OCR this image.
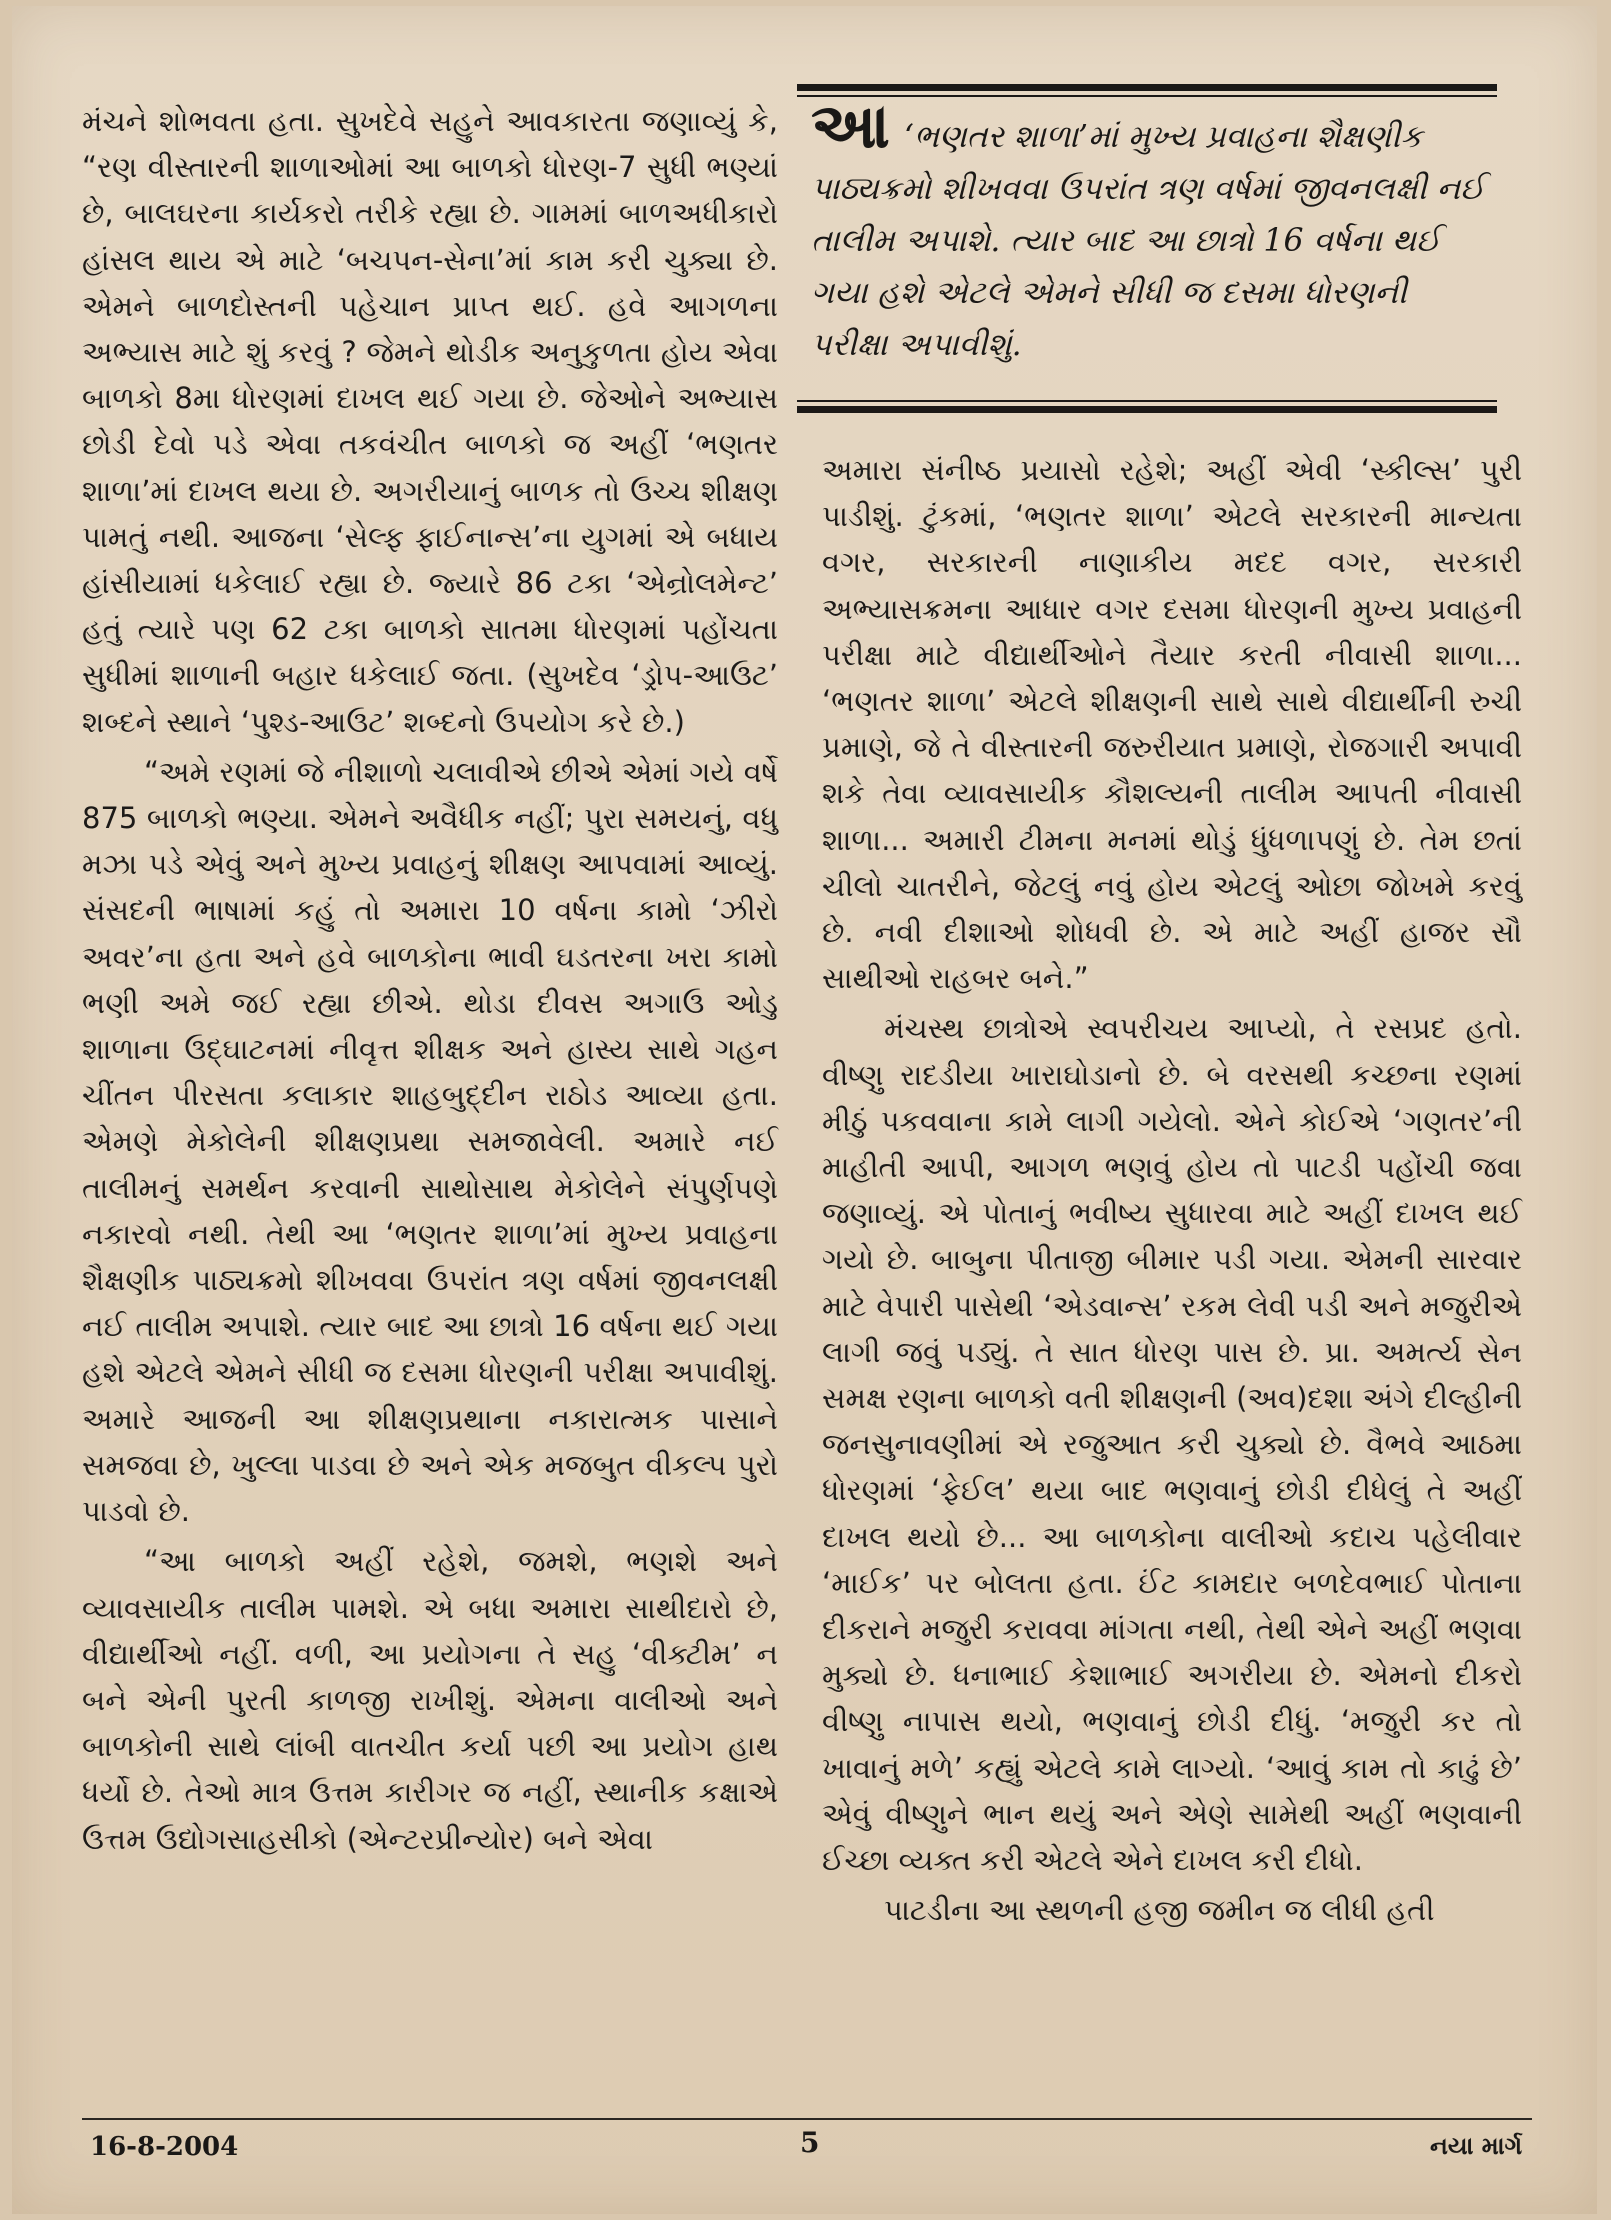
મંચને શોભવતા હતા. સુખદેવે સહુને આવકારતા જણાવ્યું કે, “રણ વીસ્તારની શાળાઓમાં આ બાળકો ધોરણ-7 સુધી ભણ્યાં છે, બાલઘરના કાર્યકરો તરીકે રહ્યા છે. ગામમાં બાળઅધીકારો હાંસલ થાય એ માટે ‘બચપન-સેના’માં કામ કરી ચુક્યા છે. એમને બાળદોસ્તની પહેચાન પ્રાપ્ત થઈ. હવે આગળના અભ્યાસ માટે શું કરવું ? જેમને થોડીક અનુકુળતા હોય એવા બાળકો 8મા ધોરણમાં દાખલ થઈ ગયા છે. જેઓને અભ્યાસ છોડી દેવો પડે એવા તકવંચીત બાળકો જ અહીં ‘ભણતર શાળા’માં દાખલ થયા છે. અગરીયાનું બાળક તો ઉચ્ચ શીક્ષણ પામતું નથી. આજના ‘સેલ્ફ ફાઈનાન્સ’ના યુગમાં એ બધાય હાંસીયામાં ધકેલાઈ રહ્યા છે. જ્યારે 86 ટકા ‘એન્રોલમેન્ટ’ હતું ત્યારે પણ 62 ટકા બાળકો સાતમા ધોરણમાં પહોંચતા સુધીમાં શાળાની બહાર ધકેલાઈ જતા. (સુખદેવ ‘ડ્રોપ-આઉટ’ શબ્દને સ્થાને ‘પુશ્ડ-આઉટ’ શબ્દનો ઉપયોગ કરે છે.)

“અમે રણમાં જે નીશાળો ચલાવીએ છીએ એમાં ગયે વર્ષે 875 બાળકો ભણ્યા. એમને અવૈધીક નહીં; પુરા સમયનું, વધુ મઝા પડે એવું અને મુખ્ય પ્રવાહનું શીક્ષણ આપવામાં આવ્યું. સંસદની ભાષામાં કહું તો અમારા 10 વર્ષના કામો ‘ઝીરો અવર’ના હતા અને હવે બાળકોના ભાવી ઘડતરના ખરા કામો ભણી અમે જઈ રહ્યા છીએ. થોડા દીવસ અગાઉ ઓડુ શાળાના ઉદ્ઘાટનમાં નીવૃત્ત શીક્ષક અને હાસ્ય સાથે ગહન ચીંતન પીરસતા કલાકાર શાહબુદ્દીન રાઠોડ આવ્યા હતા. એમણે મેકોલેની શીક્ષણપ્રથા સમજાવેલી. અમારે નઈ તાલીમનું સમર્થન કરવાની સાથોસાથ મેકોલેને સંપુર્ણપણે નકારવો નથી. તેથી આ ‘ભણતર શાળા’માં મુખ્ય પ્રવાહના શૈક્ષણીક પાઠ્યક્રમો શીખવવા ઉપરાંત ત્રણ વર્ષમાં જીવનલક્ષી નઈ તાલીમ અપાશે. ત્યાર બાદ આ છાત્રો 16 વર્ષના થઈ ગયા હશે એટલે એમને સીધી જ દસમા ધોરણની પરીક્ષા અપાવીશું. અમારે આજની આ શીક્ષણપ્રથાના નકારાત્મક પાસાને સમજવા છે, ખુલ્લા પાડવા છે અને એક મજબુત વીકલ્પ પુરો પાડવો છે.

“આ બાળકો અહીં રહેશે, જમશે, ભણશે અને વ્યાવસાયીક તાલીમ પામશે. એ બધા અમારા સાથીદારો છે, વીદ્યાર્થીઓ નહીં. વળી, આ પ્રયોગના તે સહુ ‘વીક્ટીમ’ ન બને એની પુરતી કાળજી રાખીશું. એમના વાલીઓ અને બાળકોની સાથે લાંબી વાતચીત કર્યા પછી આ પ્રયોગ હાથ ધર્યો છે. તેઓ માત્ર ઉત્તમ કારીગર જ નહીં, સ્થાનીક કક્ષાએ ઉત્તમ ઉદ્યોગસાહસીકો (એન્ટરપ્રીન્યોર) બને એવા

આ ‘ભણતર શાળા’માં મુખ્ય પ્રવાહના શૈક્ષણીક પાઠ્યક્રમો શીખવવા ઉપરાંત ત્રણ વર્ષમાં જીવનલક્ષી નઈ તાલીમ અપાશે. ત્યાર બાદ આ છાત્રો 16 વર્ષના થઈ ગયા હશે એટલે એમને સીધી જ દસમા ધોરણની પરીક્ષા અપાવીશું.

અમારા સંનીષ્ઠ પ્રયાસો રહેશે; અહીં એવી ‘સ્કીલ્સ’ પુરી પાડીશું. ટુંકમાં, ‘ભણતર શાળા’ એટલે સરકારની માન્યતા વગર, સરકારની નાણાકીય મદદ વગર, સરકારી અભ્યાસક્રમના આધાર વગર દસમા ધોરણની મુખ્ય પ્રવાહની પરીક્ષા માટે વીદ્યાર્થીઓને તૈયાર કરતી નીવાસી શાળા... ‘ભણતર શાળા’ એટલે શીક્ષણની સાથે સાથે વીદ્યાર્થીની રુચી પ્રમાણે, જે તે વીસ્તારની જરુરીયાત પ્રમાણે, રોજગારી અપાવી શકે તેવા વ્યાવસાયીક કૌશલ્યની તાલીમ આપતી નીવાસી શાળા... અમારી ટીમના મનમાં થોડું ધુંધળાપણું છે. તેમ છતાં ચીલો ચાતરીને, જેટલું નવું હોય એટલું ઓછા જોખમે કરવું છે. નવી દીશાઓ શોધવી છે. એ માટે અહીં હાજર સૌ સાથીઓ રાહબર બને.”

મંચસ્થ છાત્રોએ સ્વપરીચય આપ્યો, તે રસપ્રદ હતો. વીષ્ણુ રાદડીયા ખારાઘોડાનો છે. બે વરસથી કચ્છના રણમાં મીઠું પકવવાના કામે લાગી ગયેલો. એને કોઈએ ‘ગણતર’ની માહીતી આપી, આગળ ભણવું હોય તો પાટડી પહોંચી જવા જણાવ્યું. એ પોતાનું ભવીષ્ય સુધારવા માટે અહીં દાખલ થઈ ગયો છે. બાબુના પીતાજી બીમાર પડી ગયા. એમની સારવાર માટે વેપારી પાસેથી ‘એડવાન્સ’ રકમ લેવી પડી અને મજુરીએ લાગી જવું પડ્યું. તે સાત ધોરણ પાસ છે. પ્રા. અમર્ત્ય સેન સમક્ષ રણના બાળકો વતી શીક્ષણની (અવ)દશા અંગે દીલ્હીની જનસુનાવણીમાં એ રજુઆત કરી ચુક્યો છે. વૈભવે આઠમા ધોરણમાં ‘ફેઈલ’ થયા બાદ ભણવાનું છોડી દીધેલું તે અહીં દાખલ થયો છે... આ બાળકોના વાલીઓ કદાચ પહેલીવાર ‘માઈક’ પર બોલતા હતા. ઈંટ કામદાર બળદેવભાઈ પોતાના દીકરાને મજુરી કરાવવા માંગતા નથી, તેથી એને અહીં ભણવા મુક્યો છે. ધનાભાઈ કેશાભાઈ અગરીયા છે. એમનો દીકરો વીષ્ણુ નાપાસ થયો, ભણવાનું છોડી દીધું. ‘મજુરી કર તો ખાવાનું મળે’ કહ્યું એટલે કામે લાગ્યો. ‘આવું કામ તો કાઢું છે’ એવું વીષ્ણુને ભાન થયું અને એણે સામેથી અહીં ભણવાની ઈચ્છા વ્યક્ત કરી એટલે એને દાખલ કરી દીધો.

પાટડીના આ સ્થળની હજી જમીન જ લીધી હતી

16-8-2004	5	નયા માર્ગ
